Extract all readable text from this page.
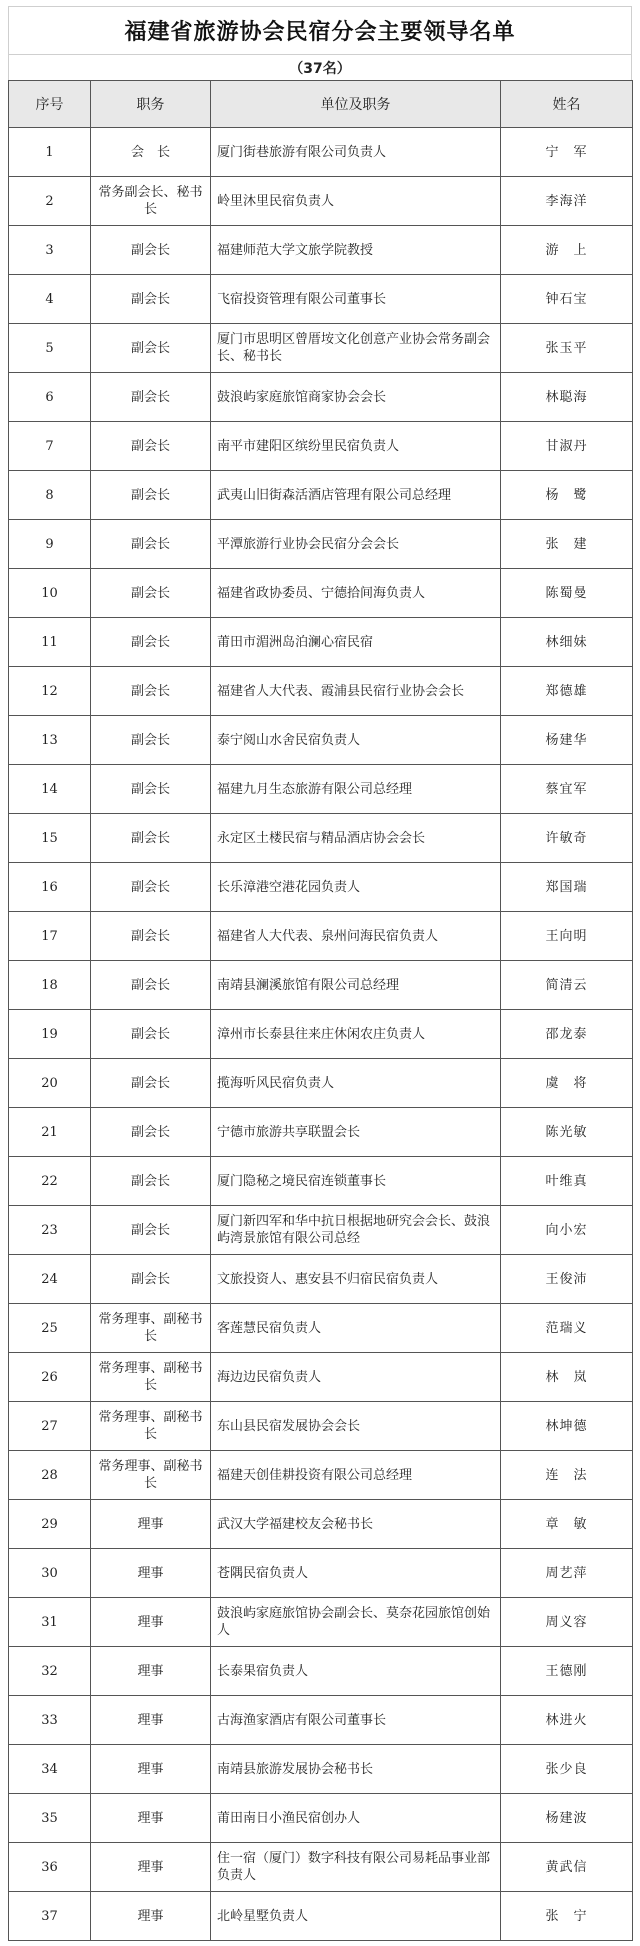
福建省旅游协会民宿分会主要领导名单
（37名）
序号	职务	单位及职务	姓名
1	会　长	厦门街巷旅游有限公司负责人	宁　军
2	常务副会长、秘书长	岭里沐里民宿负责人	李海洋
3	副会长	福建师范大学文旅学院教授	游　上
4	副会长	飞宿投资管理有限公司董事长	钟石宝
5	副会长	厦门市思明区曾厝垵文化创意产业协会常务副会长、秘书长	张玉平
6	副会长	鼓浪屿家庭旅馆商家协会会长	林聪海
7	副会长	南平市建阳区缤纷里民宿负责人	甘淑丹
8	副会长	武夷山旧街森活酒店管理有限公司总经理	杨　鹭
9	副会长	平潭旅游行业协会民宿分会会长	张　建
10	副会长	福建省政协委员、宁德拾间海负责人	陈蜀曼
11	副会长	莆田市湄洲岛泊澜心宿民宿	林细妹
12	副会长	福建省人大代表、霞浦县民宿行业协会会长	郑德雄
13	副会长	泰宁阅山水舍民宿负责人	杨建华
14	副会长	福建九月生态旅游有限公司总经理	蔡宜军
15	副会长	永定区土楼民宿与精品酒店协会会长	许敏奇
16	副会长	长乐漳港空港花园负责人	郑国瑞
17	副会长	福建省人大代表、泉州问海民宿负责人	王向明
18	副会长	南靖县澜溪旅馆有限公司总经理	简清云
19	副会长	漳州市长泰县往来庄休闲农庄负责人	邵龙泰
20	副会长	揽海听风民宿负责人	虞　将
21	副会长	宁德市旅游共享联盟会长	陈光敏
22	副会长	厦门隐秘之境民宿连锁董事长	叶维真
23	副会长	厦门新四军和华中抗日根据地研究会会长、鼓浪屿湾景旅馆有限公司总经	向小宏
24	副会长	文旅投资人、惠安县不归宿民宿负责人	王俊沛
25	常务理事、副秘书长	客莲慧民宿负责人	范瑞义
26	常务理事、副秘书长	海边边民宿负责人	林　岚
27	常务理事、副秘书长	东山县民宿发展协会会长	林坤德
28	常务理事、副秘书长	福建天创佳耕投资有限公司总经理	连　法
29	理事	武汉大学福建校友会秘书长	章　敏
30	理事	苍隅民宿负责人	周艺萍
31	理事	鼓浪屿家庭旅馆协会副会长、莫奈花园旅馆创始人	周义容
32	理事	长泰果宿负责人	王德刚
33	理事	古海渔家酒店有限公司董事长	林进火
34	理事	南靖县旅游发展协会秘书长	张少良
35	理事	莆田南日小渔民宿创办人	杨建波
36	理事	住一宿（厦门）数字科技有限公司易耗品事业部负责人	黄武信
37	理事	北岭星墅负责人	张　宁
